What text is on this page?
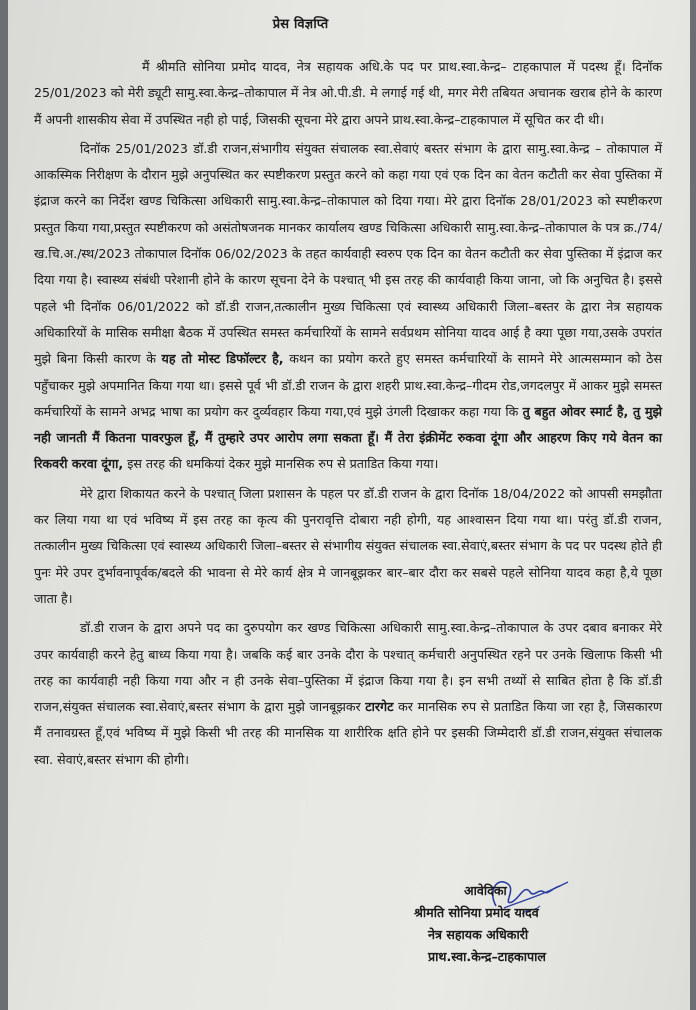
प्रेस विज्ञप्ति

मैं श्रीमति सोनिया प्रमोद यादव, नेत्र सहायक अधि.के पद पर प्राथ.स्वा.केन्द्र– टाहकापाल में पदस्थ हूँ। दिनॉक 25/01/2023 को मेरी ड्यूटी सामु.स्वा.केन्द्र–तोकापाल में नेत्र ओ.पी.डी. मे लगाई गई थी, मगर मेरी तबियत अचानक खराब होने के कारण मैं अपनी शासकीय सेवा में उपस्थित नही हो पाई, जिसकी सूचना मेरे द्वारा अपने प्राथ.स्वा.केन्द्र–टाहकापाल में सूचित कर दी थी।

दिनॉक 25/01/2023 डॉ.डी राजन,संभागीय संयुक्त संचालक स्वा.सेवाएं बस्तर संभाग के द्वारा सामु.स्वा.केन्द्र – तोकापाल में आकस्मिक निरीक्षण के दौरान मुझे अनुपस्थित कर स्पष्टीकरण प्रस्तुत करने को कहा गया एवं एक दिन का वेतन कटौती कर सेवा पुस्तिका में इंद्राज करने का निर्देश खण्ड चिकित्सा अधिकारी सामु.स्वा.केन्द्र–तोकापाल को दिया गया। मेरे द्वारा दिनॉक 28/01/2023 को स्पष्टीकरण प्रस्तुत किया गया,प्रस्तुत स्पष्टीकरण को असंतोषजनक मानकर कार्यालय खण्ड चिकित्सा अधिकारी सामु.स्वा.केन्द्र–तोकापाल के पत्र क्र./74/ख.चि.अ./स्थ/2023 तोकापाल दिनॉक 06/02/2023 के तहत कार्यवाही स्वरुप एक दिन का वेतन कटौती कर सेवा पुस्तिका में इंद्राज कर दिया गया है। स्वास्थ्य संबंधी परेशानी होने के कारण सूचना देने के पश्चात् भी इस तरह की कार्यवाही किया जाना, जो कि अनुचित है। इससे पहले भी दिनॉक 06/01/2022 को डॉ.डी राजन,तत्कालीन मुख्य चिकित्सा एवं स्वास्थ्य अधिकारी जिला–बस्तर के द्वारा नेत्र सहायक अधिकारियों के मासिक समीक्षा बैठक में उपस्थित समस्त कर्मचारियों के सामने सर्वप्रथम सोनिया यादव आई है क्या पूछा गया,उसके उपरांत मुझे बिना किसी कारण के यह तो मोस्ट डिफॉल्टर है, कथन का प्रयोग करते हुए समस्त कर्मचारियों के सामने मेरे आत्मसम्मान को ठेस पहुँचाकर मुझे अपमानित किया गया था। इससे पूर्व भी डॉ.डी राजन के द्वारा शहरी प्राथ.स्वा.केन्द्र–गीदम रोड,जगदलपुर में आकर मुझे समस्त कर्मचारियों के सामने अभद्र भाषा का प्रयोग कर दुर्व्यवहार किया गया,एवं मुझे उंगली दिखाकर कहा गया कि तु बहुत ओवर स्मार्ट है, तु मुझे नही जानती मैं कितना पावरफुल हूँ, मैं तुम्हारे उपर आरोप लगा सकता हूँ। मैं तेरा इंक्रीमेंट रुकवा दूंगा और आहरण किए गये वेतन का रिकवरी करवा दूंगा, इस तरह की धमकियां देकर मुझे मानसिक रुप से प्रताडित किया गया।

मेरे द्वारा शिकायत करने के पश्चात् जिला प्रशासन के पहल पर डॉ.डी राजन के द्वारा दिनॉक 18/04/2022 को आपसी समझौता कर लिया गया था एवं भविष्य में इस तरह का कृत्य की पुनरावृत्ति दोबारा नही होगी, यह आश्वासन दिया गया था। परंतु डॉ.डी राजन, तत्कालीन मुख्य चिकित्सा एवं स्वास्थ्य अधिकारी जिला–बस्तर से संभागीय संयुक्त संचालक स्वा.सेवाएं,बस्तर संभाग के पद पर पदस्थ होते ही पुनः मेरे उपर दुर्भावनापूर्वक/बदले की भावना से मेरे कार्य क्षेत्र मे जानबूझकर बार–बार दौरा कर सबसे पहले सोनिया यादव कहा है,ये पूछा जाता है।

डॉ.डी राजन के द्वारा अपने पद का दुरुपयोग कर खण्ड चिकित्सा अधिकारी सामु.स्वा.केन्द्र–तोकापाल के उपर दबाव बनाकर मेरे उपर कार्यवाही करने हेतु बाध्य किया गया है। जबकि कई बार उनके दौरा के पश्चात् कर्मचारी अनुपस्थित रहने पर उनके खिलाफ किसी भी तरह का कार्यवाही नही किया गया और न ही उनके सेवा–पुस्तिका में इंद्राज किया गया है। इन सभी तथ्यों से साबित होता है कि डॉ.डी राजन,संयुक्त संचालक स्वा.सेवाएं,बस्तर संभाग के द्वारा मुझे जानबूझकर टारगेट कर मानसिक रुप से प्रताडित किया जा रहा है, जिसकारण मैं तनावग्रस्त हूँ,एवं भविष्य में मुझे किसी भी तरह की मानसिक या शारीरिक क्षति होने पर इसकी जिम्मेदारी डॉ.डी राजन,संयुक्त संचालक स्वा. सेवाएं,बस्तर संभाग की होगी।

आवेदिका

श्रीमति सोनिया प्रमोद यादव

नेत्र सहायक अधिकारी

प्राथ.स्वा.केन्द्र–टाहकापाल
